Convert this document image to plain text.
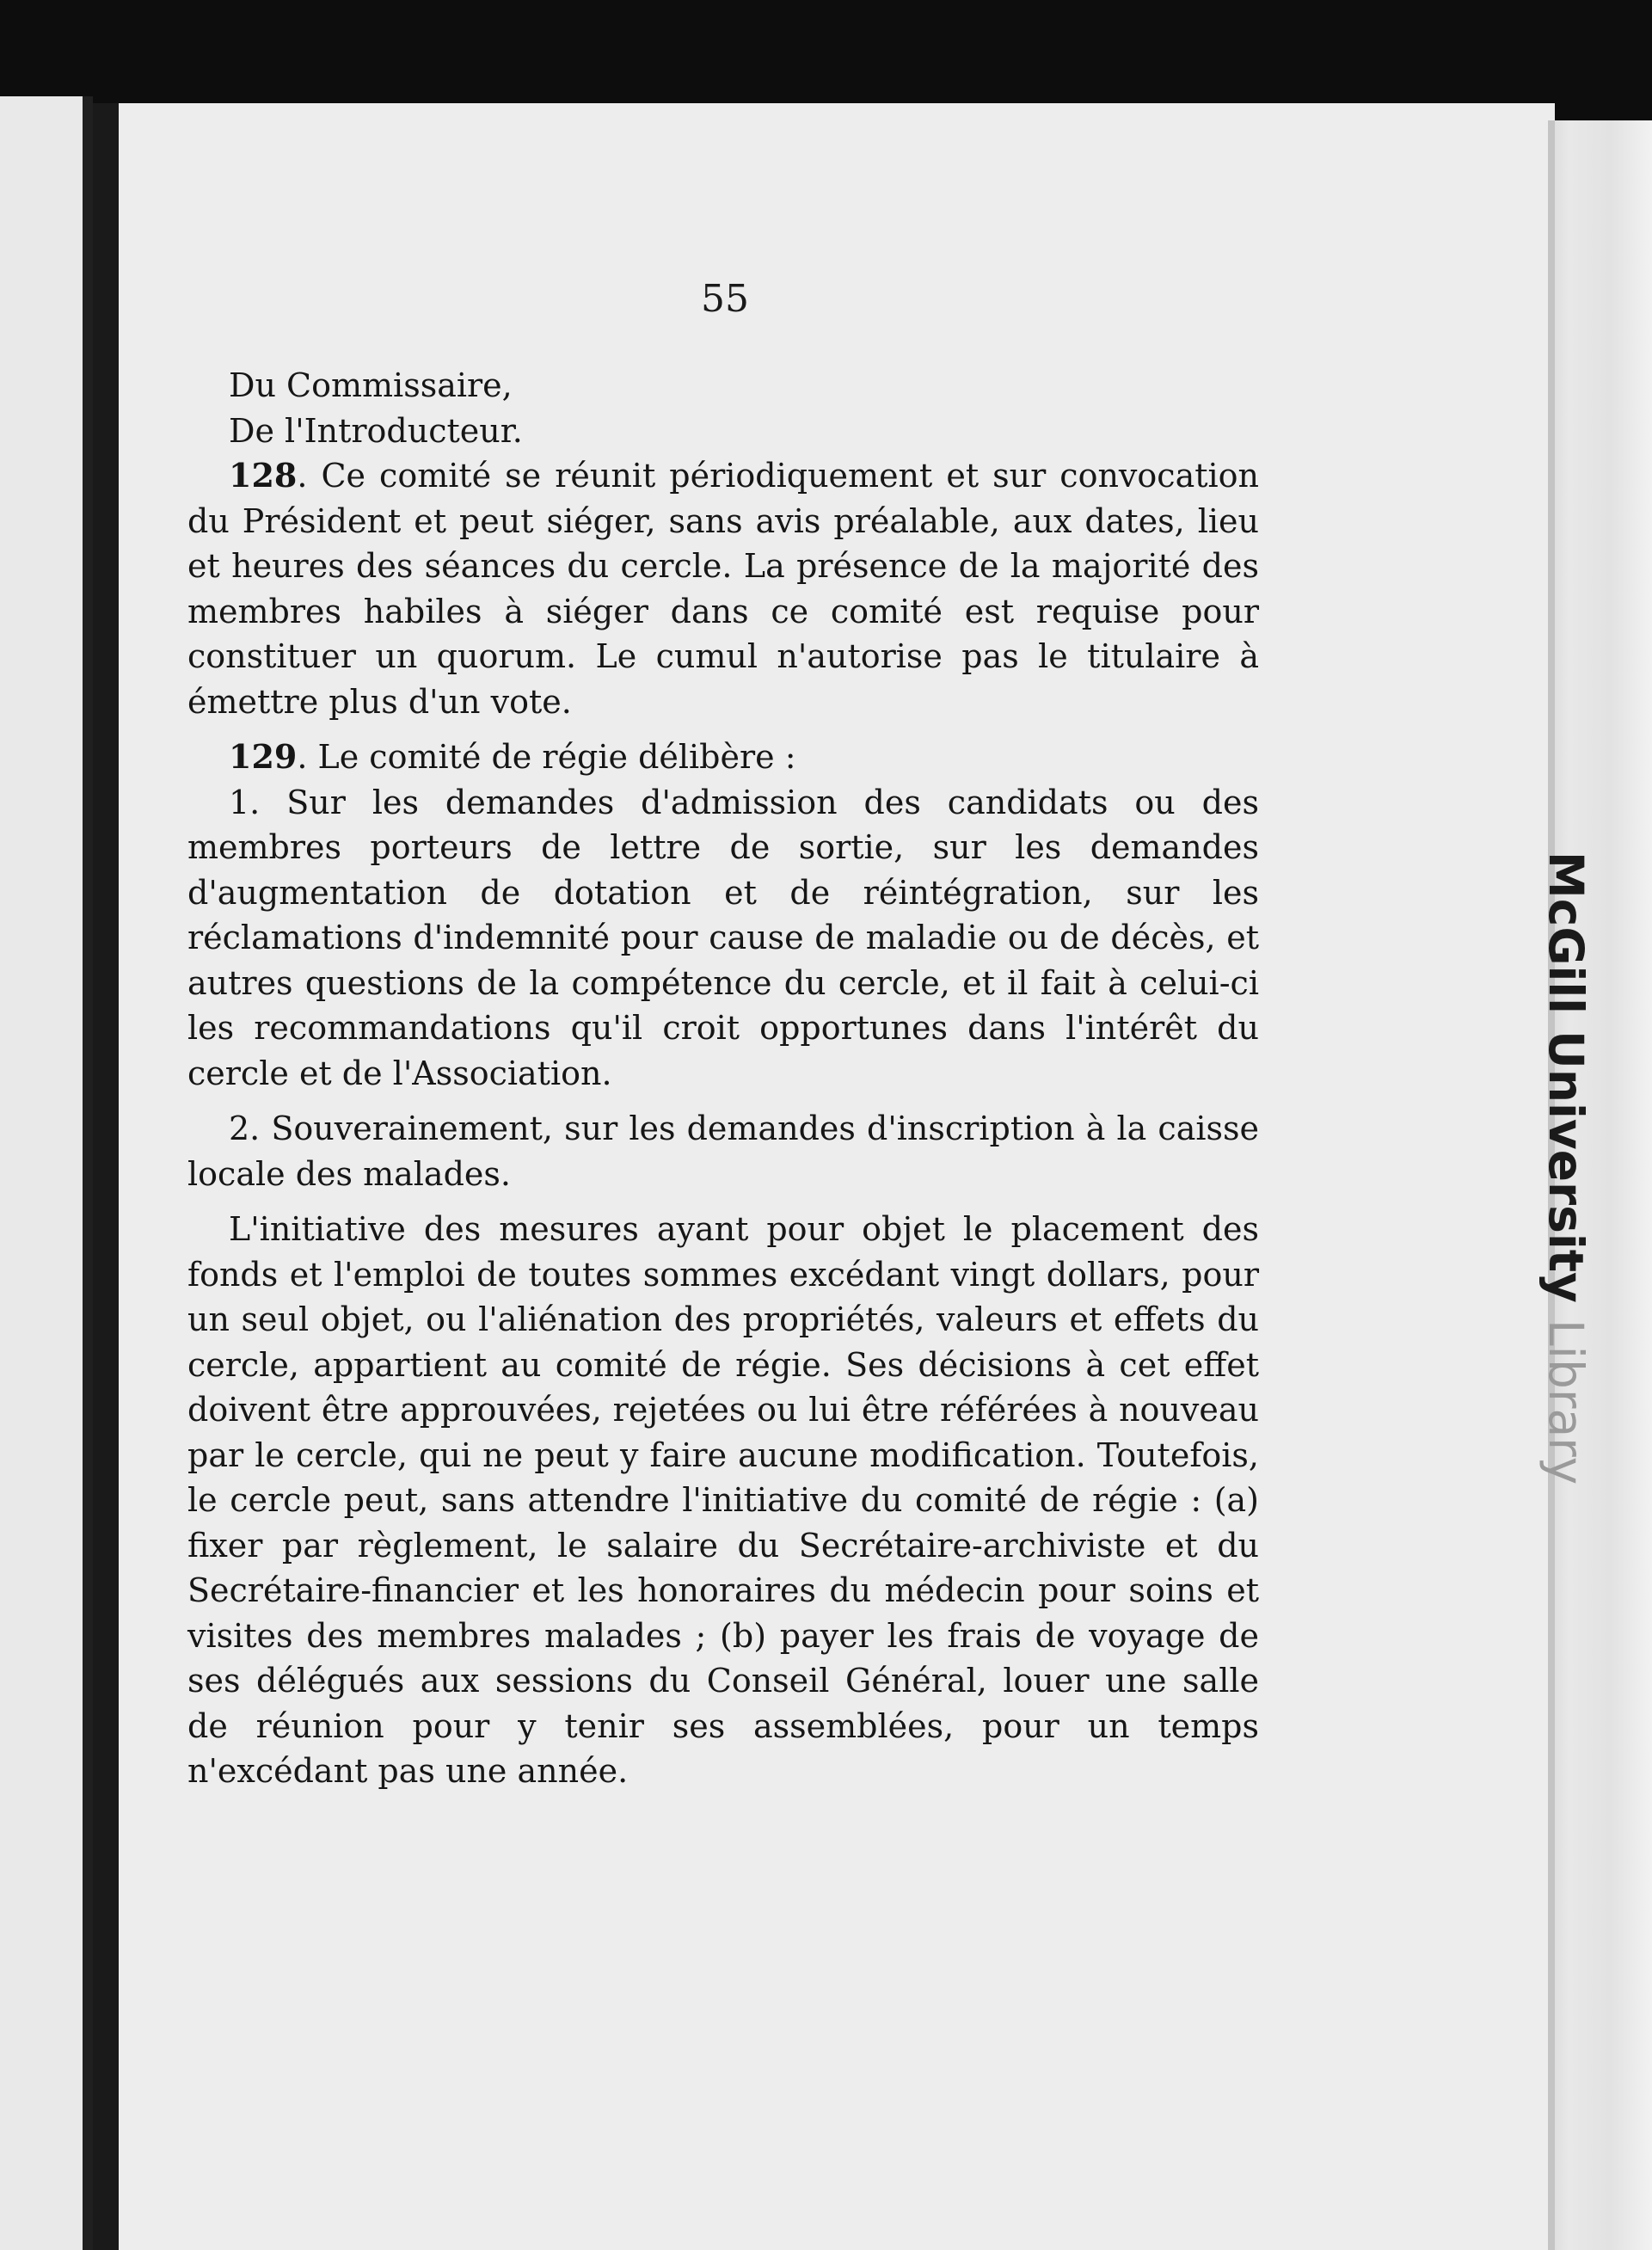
McGill University Library
55

Du Commissaire,

De l'Introducteur.

128. Ce comité se réunit périodiquement et sur convocation du Président et peut siéger, sans avis préalable, aux dates, lieu et heures des séances du cercle. La présence de la majorité des membres habiles à siéger dans ce comité est requise pour constituer un quorum. Le cumul n'autorise pas le titulaire à émettre plus d'un vote.

129. Le comité de régie délibère :

1. Sur les demandes d'admission des candidats ou des membres porteurs de lettre de sortie, sur les demandes d'augmentation de dotation et de réintégration, sur les réclamations d'indemnité pour cause de maladie ou de décès, et autres questions de la compétence du cercle, et il fait à celui-ci les recommandations qu'il croit opportunes dans l'intérêt du cercle et de l'Association.

2. Souverainement, sur les demandes d'inscription à la caisse locale des malades.

L'initiative des mesures ayant pour objet le placement des fonds et l'emploi de toutes sommes excédant vingt dollars, pour un seul objet, ou l'aliénation des propriétés, valeurs et effets du cercle, appartient au comité de régie. Ses décisions à cet effet doivent être approuvées, rejetées ou lui être référées à nouveau par le cercle, qui ne peut y faire aucune modification. Toutefois, le cercle peut, sans attendre l'initiative du comité de régie : (a) fixer par règlement, le salaire du Secrétaire-archiviste et du Secrétaire-financier et les honoraires du médecin pour soins et visites des membres malades ; (b) payer les frais de voyage de ses délégués aux sessions du Conseil Général, louer une salle de réunion pour y tenir ses assemblées, pour un temps n'excédant pas une année.
